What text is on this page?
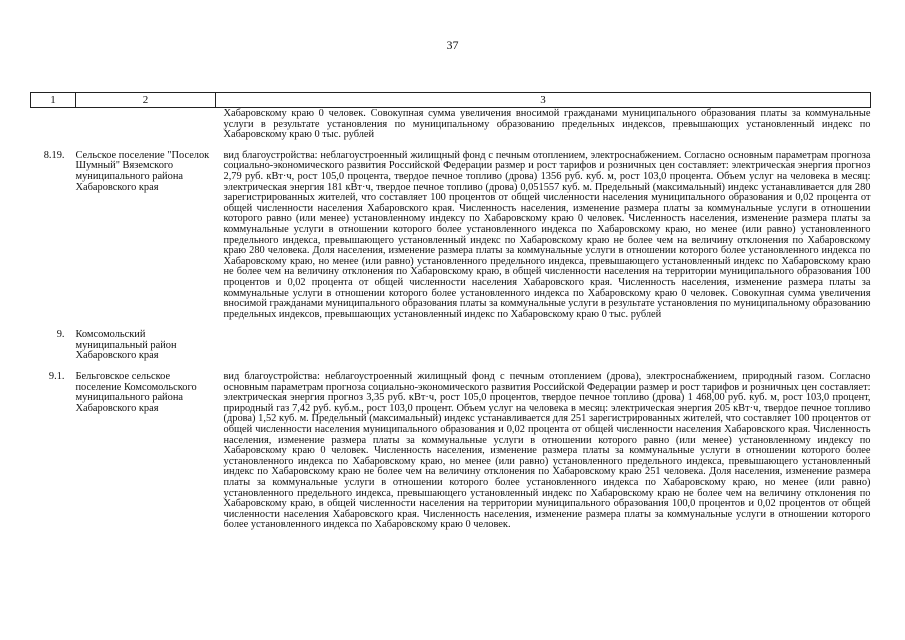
37
1	2	3
		Хабаровскому краю 0 человек. Совокупная сумма увеличения вносимой гражданами муниципального образования платы за коммунальные услуги в результате установления по муниципальному образованию предельных индексов, превышающих установленный индекс по Хабаровскому краю 0 тыс. рублей
8.19.	Сельское поселение "Поселок Шумный" Вяземского муниципального района Хабаровского края	вид благоустройства: неблагоустроенный жилищный фонд с печным отоплением, электроснабжением. Согласно основным параметрам прогноза социально-экономического развития Российской Федерации размер и рост тарифов и розничных цен составляет: электрическая энергия прогноз 2,79 руб. кВт·ч, рост 105,0 процента, твердое печное топливо (дрова) 1356 руб. куб. м, рост 103,0 процента. Объем услуг на человека в месяц: электрическая энергия 181 кВт·ч, твердое печное топливо (дрова) 0,051557 куб. м. Предельный (максимальный) индекс устанавливается для 280 зарегистрированных жителей, что составляет 100 процентов от общей численности населения муниципального образования и 0,02 процента от общей численности населения Хабаровского края. Численность населения, изменение размера платы за коммунальные услуги в отношении которого равно (или менее) установленному индексу по Хабаровскому краю 0 человек. Численность населения, изменение размера платы за коммунальные услуги в отношении которого более установленного индекса по Хабаровскому краю, но менее (или равно) установленного предельного индекса, превышающего установленный индекс по Хабаровскому краю не более чем на величину отклонения по Хабаровскому краю 280 человека. Доля населения, изменение размера платы за коммунальные услуги в отношении которого более установленного индекса по Хабаровскому краю, но менее (или равно) установленного предельного индекса, превышающего установленный индекс по Хабаровскому краю не более чем на величину отклонения по Хабаровскому краю, в общей численности населения на территории муниципального образования 100 процентов и 0,02 процента от общей численности населения Хабаровского края. Численность населения, изменение размера платы за коммунальные услуги в отношении которого более установленного индекса по Хабаровскому краю 0 человек. Совокупная сумма увеличения вносимой гражданами муниципального образования платы за коммунальные услуги в результате установления по муниципальному образованию предельных индексов, превышающих установленный индекс по Хабаровскому краю 0 тыс. рублей
9.	Комсомольский муниципальный район Хабаровского края	
9.1.	Бельговское сельское поселение Комсомольского муниципального района Хабаровского края	вид благоустройства: неблагоустроенный жилищный фонд с печным отоплением (дрова), электроснабжением, природный газом. Согласно основным параметрам прогноза социально-экономического развития Российской Федерации размер и рост тарифов и розничных цен составляет: электрическая энергия прогноз 3,35 руб. кВт·ч, рост 105,0 процентов, твердое печное топливо (дрова) 1 468,00 руб. куб. м, рост 103,0 процент, природный газ 7,42 руб. куб.м., рост 103,0 процент. Объем услуг на человека в месяц: электрическая энергия 205 кВт·ч, твердое печное топливо (дрова) 1,52 куб. м. Предельный (максимальный) индекс устанавливается для 251 зарегистрированных жителей, что составляет 100 процентов от общей численности населения муниципального образования и 0,02 процента от общей численности населения Хабаровского края. Численность населения, изменение размера платы за коммунальные услуги в отношении которого равно (или менее) установленному индексу по Хабаровскому краю 0 человек. Численность населения, изменение размера платы за коммунальные услуги в отношении которого более установленного индекса по Хабаровскому краю, но менее (или равно) установленного предельного индекса, превышающего установленный индекс по Хабаровскому краю не более чем на величину отклонения по Хабаровскому краю 251 человека. Доля населения, изменение размера платы за коммунальные услуги в отношении которого более установленного индекса по Хабаровскому краю, но менее (или равно) установленного предельного индекса, превышающего установленный индекс по Хабаровскому краю не более чем на величину отклонения по Хабаровскому краю, в общей численности населения на территории муниципального образования 100,0 процентов и 0,02 процентов от общей численности населения Хабаровского края. Численность населения, изменение размера платы за коммунальные услуги в отношении которого более установленного индекса по Хабаровскому краю 0 человек.
